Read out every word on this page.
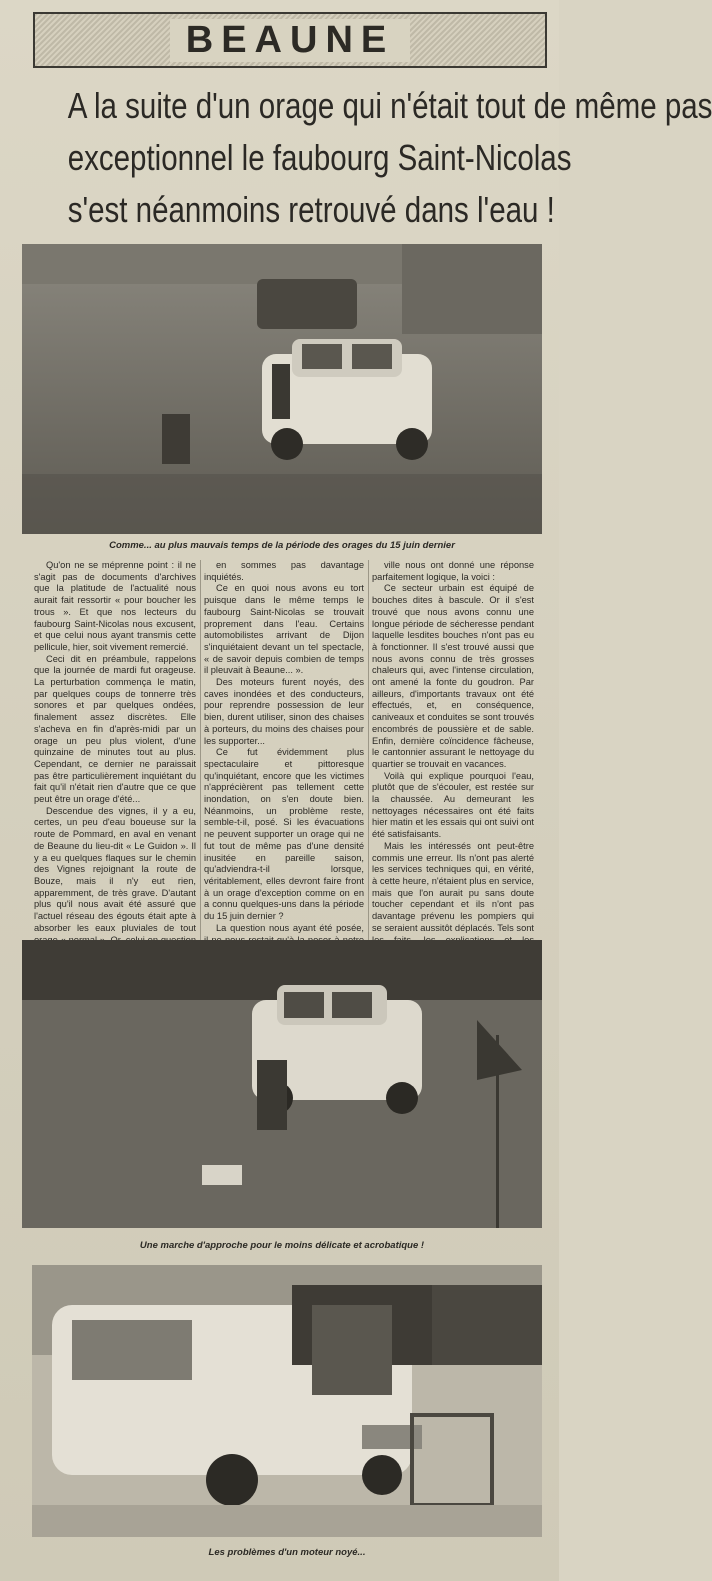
BEAUNE
A la suite d'un orage qui n'était tout de même pas
exceptionnel le faubourg Saint-Nicolas
s'est néanmoins retrouvé dans l'eau !
Comme... au plus mauvais temps de la période des orages du 15 juin dernier

Qu'on ne se méprenne point : il ne s'agit pas de documents d'archives que la platitude de l'actualité nous aurait fait ressortir « pour boucher les trous ». Et que nos lecteurs du faubourg Saint-Nicolas nous excusent, et que celui nous ayant transmis cette pellicule, hier, soit vivement remercié.

Ceci dit en préambule, rappelons que la journée de mardi fut orageuse. La perturbation commença le matin, par quelques coups de tonnerre très sonores et par quelques ondées, finalement assez discrètes. Elle s'acheva en fin d'après-midi par un orage un peu plus violent, d'une quinzaine de minutes tout au plus. Cependant, ce dernier ne paraissait pas être particulièrement inquiétant du fait qu'il n'était rien d'autre que ce que peut être un orage d'été...

Descendue des vignes, il y a eu, certes, un peu d'eau boueuse sur la route de Pommard, en aval en venant de Beaune du lieu-dit « Le Guidon ». Il y a eu quelques flaques sur le chemin des Vignes rejoignant la route de Bouze, mais il n'y eut rien, apparemment, de très grave. D'autant plus qu'il nous avait été assuré que l'actuel réseau des égouts était apte à absorber les eaux pluviales de tout

en sommes pas davantage inquiétés.

Ce en quoi nous avons eu tort puisque dans le même temps le faubourg Saint-Nicolas se trouvait proprement dans l'eau. Certains automobilistes arrivant de Dijon s'inquiétaient devant un tel spectacle, « de savoir depuis combien de temps il pleuvait à Beaune... ».

Des moteurs furent noyés, des caves inondées et des conducteurs, pour reprendre possession de leur bien, durent utiliser, sinon des chaises à porteurs, du moins des chaises pour les supporter...

Ce fut évidemment plus spectaculaire et pittoresque qu'inquiétant, encore que les victimes n'apprécièrent pas tellement cette inondation, on s'en doute bien. Néanmoins, un problème reste, semble-t-il, posé. Si les évacuations ne peuvent supporter un orage qui ne fut tout de même pas d'une densité inusitée en pareille saison, qu'adviendra-t-il lorsque, véritablement, elles devront faire front à un orage d'exception comme on en a connu quelques-uns dans la période du 15 juin dernier ?

La question nous ayant été posée,

ville nous ont donné une réponse parfaitement logique, la voici :

Ce secteur urbain est équipé de bouches dites à bascule. Or il s'est trouvé que nous avons connu une longue période de sécheresse pendant laquelle lesdites bouches n'ont pas eu à fonctionner. Il s'est trouvé aussi que nous avons connu de très grosses chaleurs qui, avec l'intense circulation, ont amené la fonte du goudron. Par ailleurs, d'importants travaux ont été effectués, et, en conséquence, caniveaux et conduites se sont trouvés encombrés de poussière et de sable. Enfin, dernière coïncidence fâcheuse, le cantonnier assurant le nettoyage du quartier se trouvait en vacances.

Voilà qui explique pourquoi l'eau, plutôt que de s'écouler, est restée sur la chaussée. Au demeurant les nettoyages nécessaires ont été faits hier matin et les essais qui ont suivi ont été satisfaisants.

Mais les intéressés ont peut-être commis une erreur. Ils n'ont pas alerté les services techniques qui, en vérité, à cette heure, n'étaient plus en service, mais que l'on aurait pu sans doute toucher cependant et ils n'ont pas davantage prévenu les pompiers qui se seraient aussitôt déplacés. Tels sont

Une marche d'approche pour le moins délicate et acrobatique !
Les problèmes d'un moteur noyé...
